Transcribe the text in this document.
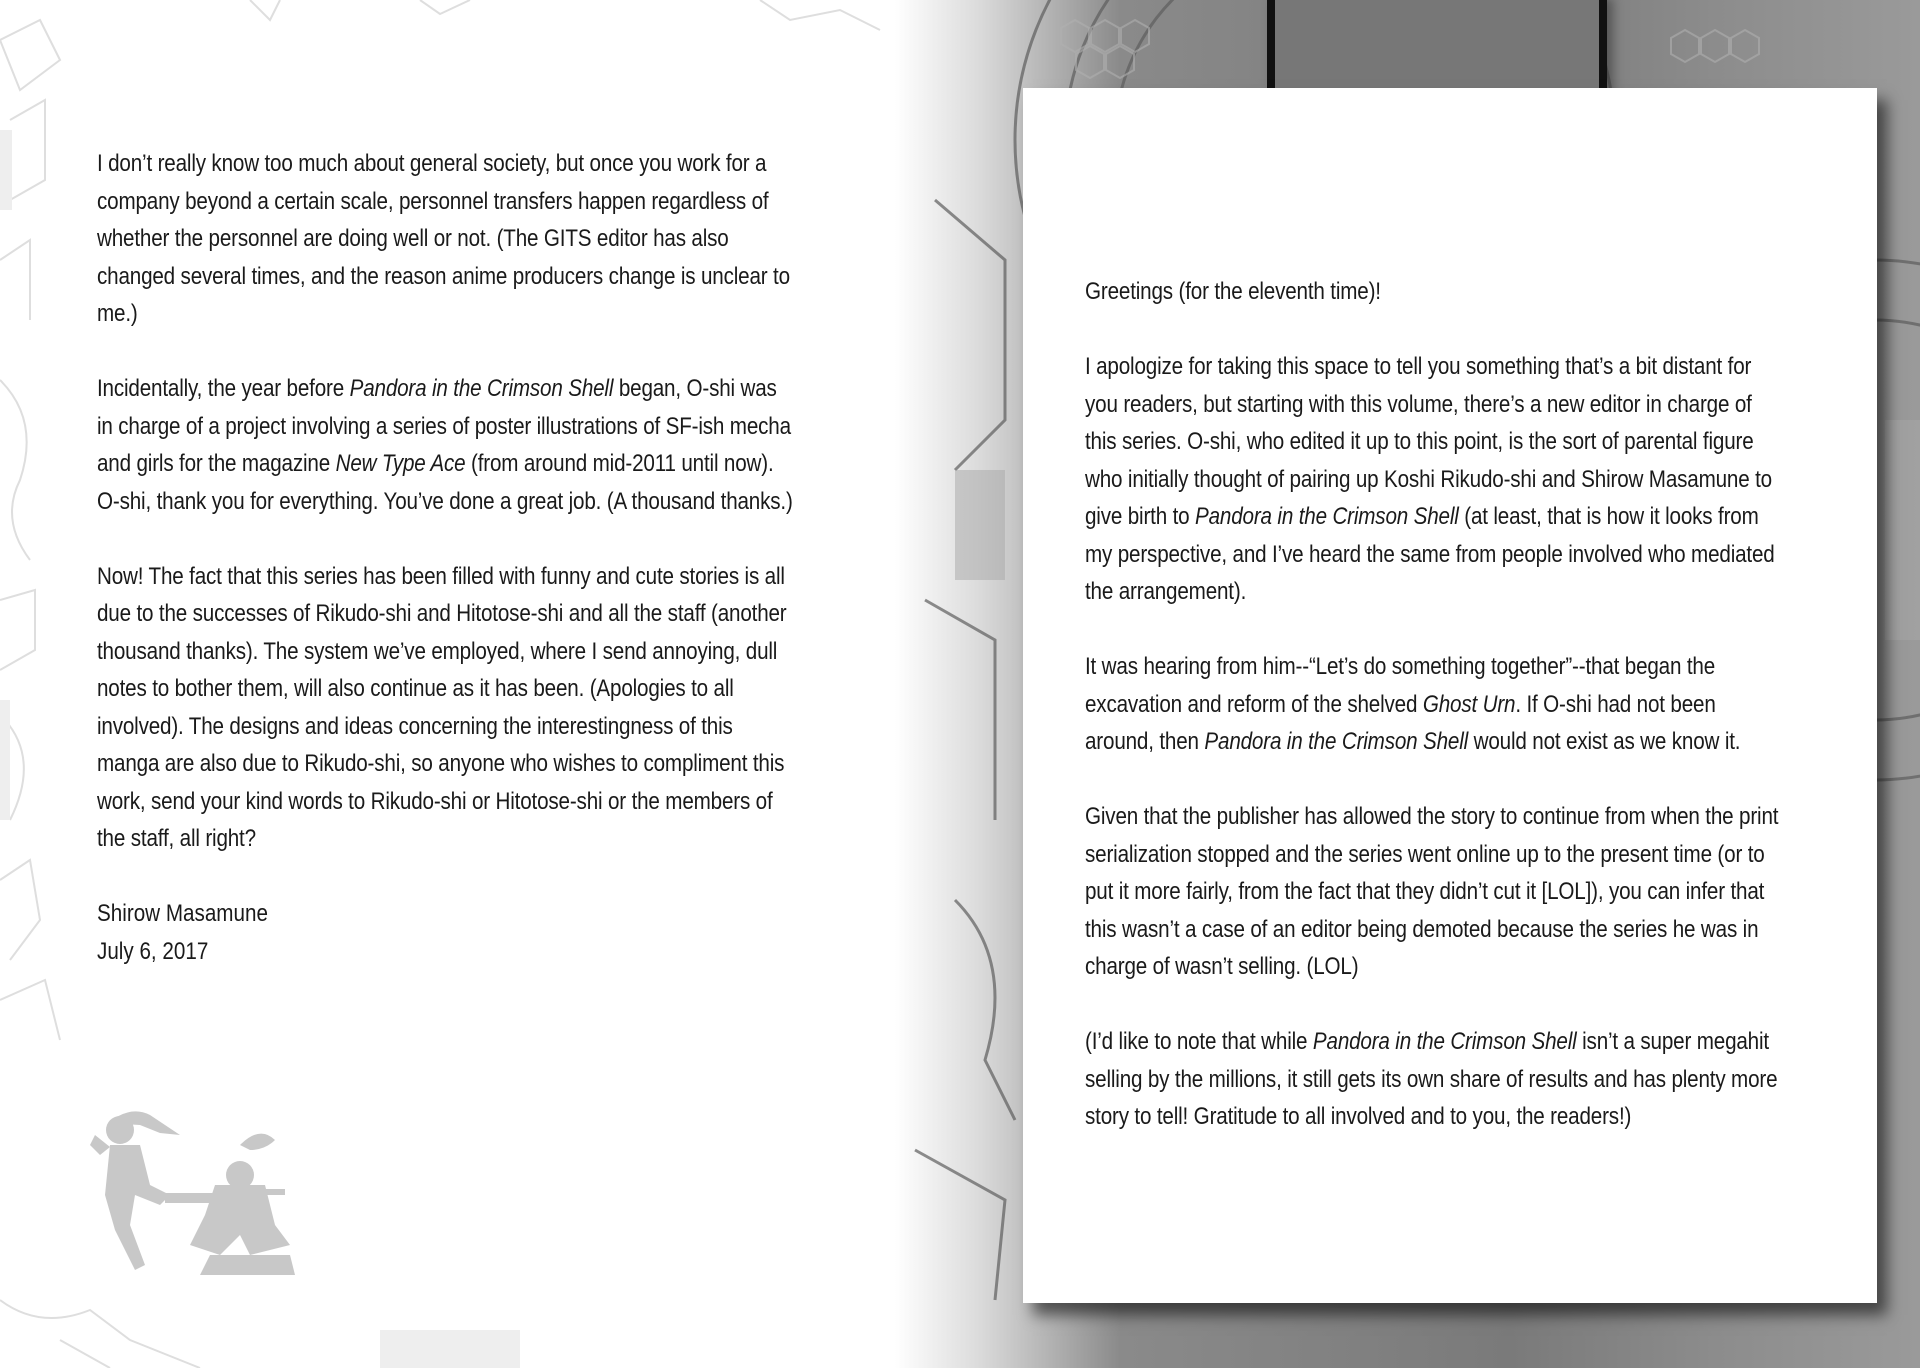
I don’t really know too much about general society, but once you work for a company beyond a certain scale, personnel transfers happen regardless of whether the personnel are doing well or not. (The GITS editor has also changed several times, and the reason anime producers change is unclear to me.)

Incidentally, the year before Pandora in the Crimson Shell began, O-shi was in charge of a project involving a series of poster illustrations of SF-ish mecha and girls for the magazine New Type Ace (from around mid-2011 until now). O-shi, thank you for everything. You’ve done a great job. (A thousand thanks.)

Now! The fact that this series has been filled with funny and cute stories is all due to the successes of Rikudo-shi and Hitotose-shi and all the staff (another thousand thanks). The system we’ve employed, where I send annoying, dull notes to bother them, will also continue as it has been. (Apologies to all involved). The designs and ideas concerning the interestingness of this manga are also due to Rikudo-shi, so anyone who wishes to compliment this work, send your kind words to Rikudo-shi or Hitotose-shi or the members of the staff, all right?

Shirow Masamune

July 6, 2017

Greetings (for the eleventh time)!

I apologize for taking this space to tell you something that’s a bit distant for you readers, but starting with this volume, there’s a new editor in charge of this series. O-shi, who edited it up to this point, is the sort of parental figure who initially thought of pairing up Koshi Rikudo-shi and Shirow Masamune to give birth to Pandora in the Crimson Shell (at least, that is how it looks from my perspective, and I’ve heard the same from people involved who mediated the arrangement).

It was hearing from him--“Let’s do something together”--that began the excavation and reform of the shelved Ghost Urn. If O-shi had not been around, then Pandora in the Crimson Shell would not exist as we know it.

Given that the publisher has allowed the story to continue from when the print serialization stopped and the series went online up to the present time (or to put it more fairly, from the fact that they didn’t cut it [LOL]), you can infer that this wasn’t a case of an editor being demoted because the series he was in charge of wasn’t selling. (LOL)

(I’d like to note that while Pandora in the Crimson Shell isn’t a super megahit selling by the millions, it still gets its own share of results and has plenty more story to tell! Gratitude to all involved and to you, the readers!)
